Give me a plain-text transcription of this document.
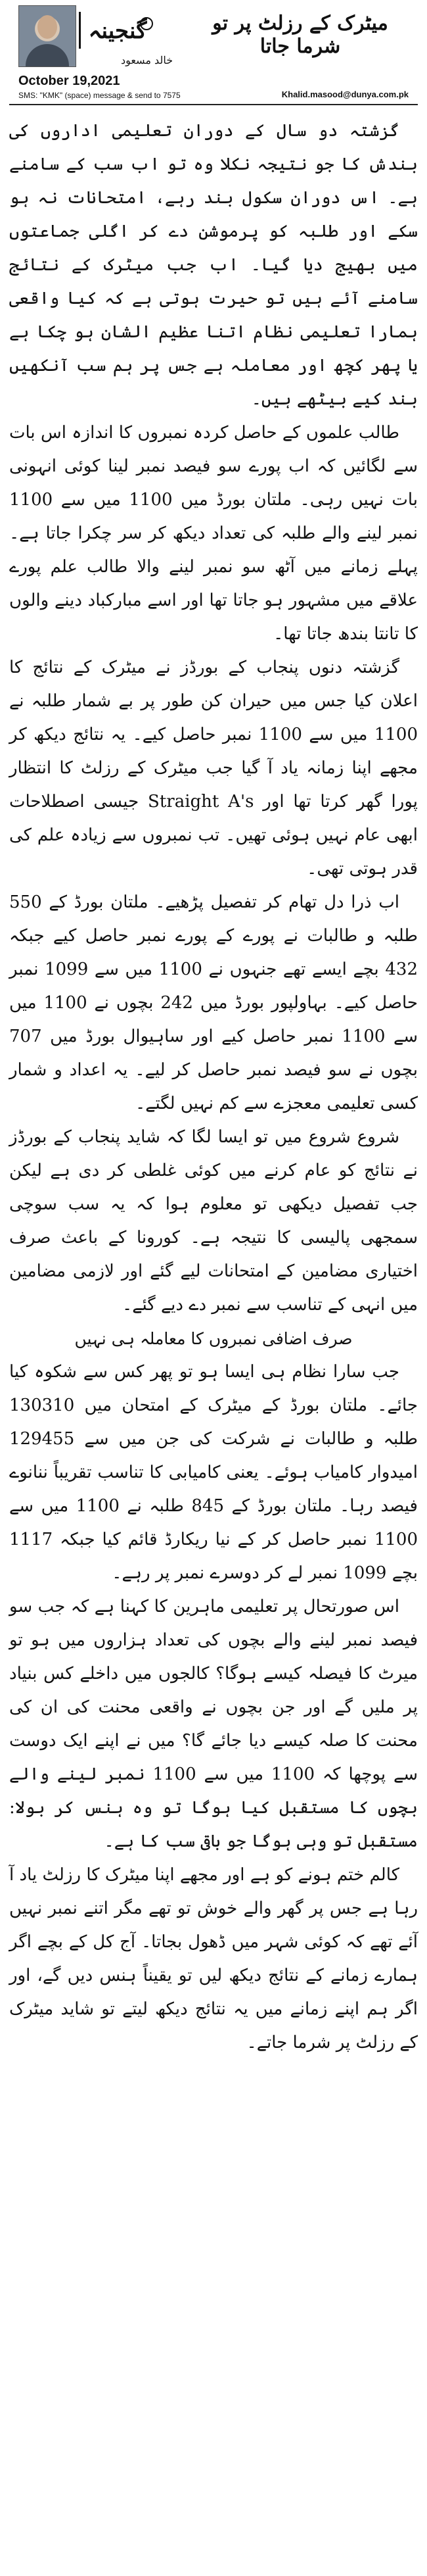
گنجینہ
خالد مسعود
میٹرک کے رزلٹ پر تو شرما جاتا
October 19,2021
SMS: "KMK" (space) message & send to 7575	Khalid.masood@dunya.com.pk

گزشتہ دو سال کے دوران تعلیمی اداروں کی بندش کا جو نتیجہ نکلا وہ تو اب سب کے سامنے ہے۔ اس دوران سکول بند رہے، امتحانات نہ ہو سکے اور طلبہ کو پرموشن دے کر اگلی جماعتوں میں بھیج دیا گیا۔ اب جب میٹرک کے نتائج سامنے آئے ہیں تو حیرت ہوتی ہے کہ کیا واقعی ہمارا تعلیمی نظام اتنا عظیم الشان ہو چکا ہے یا پھر کچھ اور معاملہ ہے جس پر ہم سب آنکھیں بند کیے بیٹھے ہیں۔

طالب علموں کے حاصل کردہ نمبروں کا اندازہ اس بات سے لگائیں کہ اب پورے سو فیصد نمبر لینا کوئی انہونی بات نہیں رہی۔ ملتان بورڈ میں 1100 میں سے 1100 نمبر لینے والے طلبہ کی تعداد دیکھ کر سر چکرا جاتا ہے۔ پہلے زمانے میں آٹھ سو نمبر لینے والا طالب علم پورے علاقے میں مشہور ہو جاتا تھا اور اسے مبارکباد دینے والوں کا تانتا بندھ جاتا تھا۔

گزشتہ دنوں پنجاب کے بورڈز نے میٹرک کے نتائج کا اعلان کیا جس میں حیران کن طور پر بے شمار طلبہ نے 1100 میں سے 1100 نمبر حاصل کیے۔ یہ نتائج دیکھ کر مجھے اپنا زمانہ یاد آ گیا جب میٹرک کے رزلٹ کا انتظار پورا گھر کرتا تھا اور Straight A's جیسی اصطلاحات ابھی عام نہیں ہوئی تھیں۔ تب نمبروں سے زیادہ علم کی قدر ہوتی تھی۔

اب ذرا دل تھام کر تفصیل پڑھیے۔ ملتان بورڈ کے 550 طلبہ و طالبات نے پورے کے پورے نمبر حاصل کیے جبکہ 432 بچے ایسے تھے جنہوں نے 1100 میں سے 1099 نمبر حاصل کیے۔ بہاولپور بورڈ میں 242 بچوں نے 1100 میں سے 1100 نمبر حاصل کیے اور ساہیوال بورڈ میں 707 بچوں نے سو فیصد نمبر حاصل کر لیے۔ یہ اعداد و شمار کسی تعلیمی معجزے سے کم نہیں لگتے۔

شروع شروع میں تو ایسا لگا کہ شاید پنجاب کے بورڈز نے نتائج کو عام کرنے میں کوئی غلطی کر دی ہے لیکن جب تفصیل دیکھی تو معلوم ہوا کہ یہ سب سوچی سمجھی پالیسی کا نتیجہ ہے۔ کورونا کے باعث صرف اختیاری مضامین کے امتحانات لیے گئے اور لازمی مضامین میں انہی کے تناسب سے نمبر دے دیے گئے۔

صرف اضافی نمبروں کا معاملہ ہی نہیں

جب سارا نظام ہی ایسا ہو تو پھر کس سے شکوہ کیا جائے۔ ملتان بورڈ کے میٹرک کے امتحان میں 130310 طلبہ و طالبات نے شرکت کی جن میں سے 129455 امیدوار کامیاب ہوئے۔ یعنی کامیابی کا تناسب تقریباً ننانوے فیصد رہا۔ ملتان بورڈ کے 845 طلبہ نے 1100 میں سے 1100 نمبر حاصل کر کے نیا ریکارڈ قائم کیا جبکہ 1117 بچے 1099 نمبر لے کر دوسرے نمبر پر رہے۔

اس صورتحال پر تعلیمی ماہرین کا کہنا ہے کہ جب سو فیصد نمبر لینے والے بچوں کی تعداد ہزاروں میں ہو تو میرٹ کا فیصلہ کیسے ہوگا؟ کالجوں میں داخلے کس بنیاد پر ملیں گے اور جن بچوں نے واقعی محنت کی ان کی محنت کا صلہ کیسے دیا جائے گا؟ میں نے اپنے ایک دوست سے پوچھا کہ 1100 میں سے 1100 نمبر لینے والے بچوں کا مستقبل کیا ہوگا تو وہ ہنس کر بولا: مستقبل تو وہی ہوگا جو باقی سب کا ہے۔

کالم ختم ہونے کو ہے اور مجھے اپنا میٹرک کا رزلٹ یاد آ رہا ہے جس پر گھر والے خوش تو تھے مگر اتنے نمبر نہیں آئے تھے کہ کوئی شہر میں ڈھول بجاتا۔ آج کل کے بچے اگر ہمارے زمانے کے نتائج دیکھ لیں تو یقیناً ہنس دیں گے، اور اگر ہم اپنے زمانے میں یہ نتائج دیکھ لیتے تو شاید میٹرک کے رزلٹ پر شرما جاتے۔
